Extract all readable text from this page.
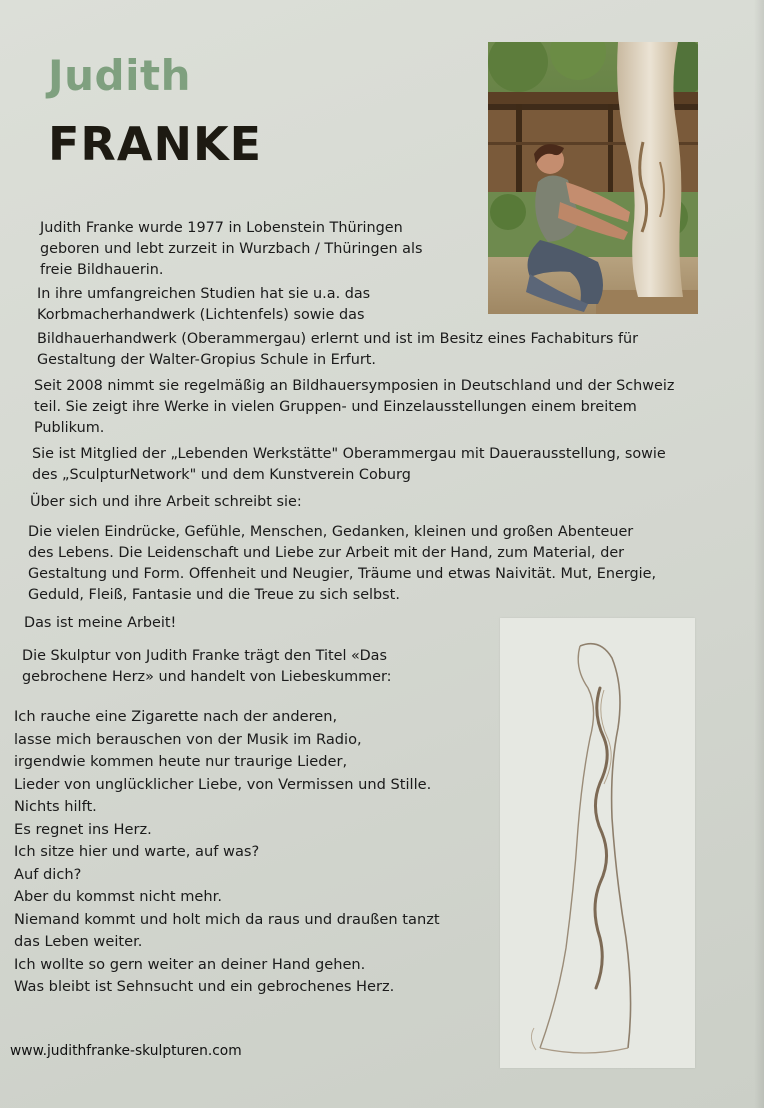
Judith
FRANKE

Judith Franke wurde 1977 in Lobenstein Thüringen
geboren und lebt zurzeit in Wurzbach / Thüringen als
freie Bildhauerin.

In ihre umfangreichen Studien hat sie u.a. das
Korbmacherhandwerk (Lichtenfels) sowie das
Bildhauerhandwerk (Oberammergau) erlernt und ist im Besitz eines Fachabiturs für
Gestaltung der Walter-Gropius Schule in Erfurt.

Seit 2008 nimmt sie regelmäßig an Bildhauersymposien in Deutschland und der Schweiz
teil. Sie zeigt ihre Werke in vielen Gruppen- und Einzelausstellungen einem breitem
Publikum.

Sie ist Mitglied der „Lebenden Werkstätte" Oberammergau mit Dauerausstellung, sowie
des „SculpturNetwork" und dem Kunstverein Coburg

Über sich und ihre Arbeit schreibt sie:

Die vielen Eindrücke, Gefühle, Menschen, Gedanken, kleinen und großen Abenteuer
des Lebens. Die Leidenschaft und Liebe zur Arbeit mit der Hand, zum Material, der
Gestaltung und Form. Offenheit und Neugier, Träume und etwas Naivität. Mut, Energie,
Geduld, Fleiß, Fantasie und die Treue zu sich selbst.

Das ist meine Arbeit!

Die Skulptur von Judith Franke trägt den Titel «Das
gebrochene Herz» und handelt von Liebeskummer:

Ich rauche eine Zigarette nach der anderen,
lasse mich berauschen von der Musik im Radio,
irgendwie kommen heute nur traurige Lieder,
Lieder von unglücklicher Liebe, von Vermissen und Stille.
Nichts hilft.
Es regnet ins Herz.
Ich sitze hier und warte, auf was?
Auf dich?
Aber du kommst nicht mehr.
Niemand kommt und holt mich da raus und draußen tanzt
das Leben weiter.
Ich wollte so gern weiter an deiner Hand gehen.
Was bleibt ist Sehnsucht und ein gebrochenes Herz.

www.judithfranke-skulpturen.com
